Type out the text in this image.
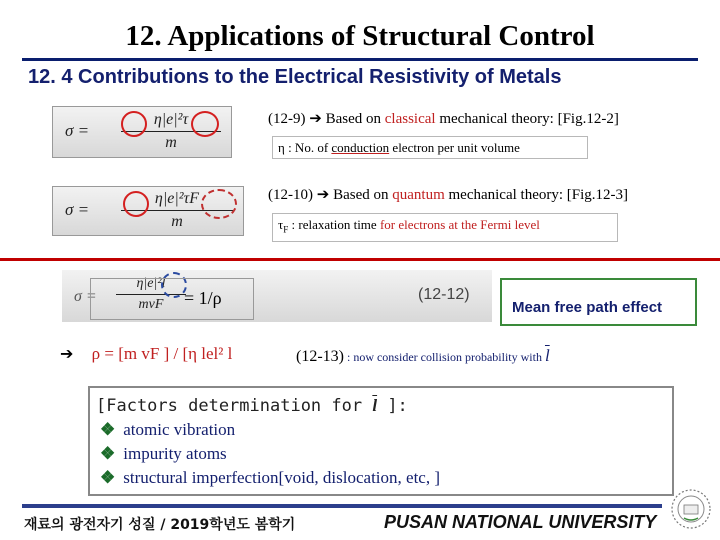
12. Applications of Structural Control
12. 4 Contributions to the Electrical Resistivity of Metals
σ =
η|e|²τ
m
(12-9) ➔ Based on classical mechanical theory: [Fig.12-2]
η : No. of conduction electron per unit volume
σ =
η|e|²τF
m
(12-10) ➔ Based on quantum mechanical theory: [Fig.12-3]
$\tau_F$ : relaxation time for electrons at the Fermi level
σ =
η|e|²l
mvF
(12-12)
= 1/ρ	Mean free path effect
➔ ρ = [m vF ] / [η lel² l	(12-13) : now consider collision probability with $\overline{l}$
[Factors determination for $\overline{l}$ ]:
❖ atomic vibration
❖ impurity atoms
❖ structural imperfection[void, dislocation, etc, ]
재료의 광전자기 성질 / 2019학년도 봄학기	PUSAN NATIONAL UNIVERSITY
